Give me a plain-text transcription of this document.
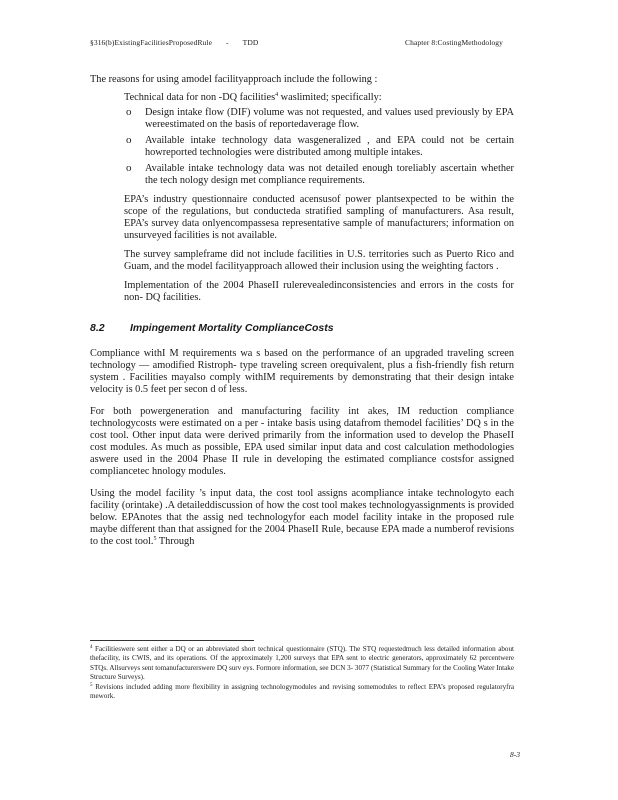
§316(b)ExistingFacilitiesProposedRule - TDD	Chapter 8:CostingMethodology

The reasons for using amodel facilityapproach include the following :

Technical data for non -DQ facilities$^4$ waslimited; specifically:
o Design intake flow (DIF) volume was not requested, and values used previously by EPA wereestimated on the basis of reportedaverage flow.
o Available intake technology data wasgeneralized , and EPA could not be certain howreported technologies were distributed among multiple intakes.
o Available intake technology data was not detailed enough toreliably ascertain whether the tech nology design met compliance requirements.
EPA’s industry questionnaire conducted acensusof power plantsexpected to be within the scope of the regulations, but conducteda stratified sampling of manufacturers. Asa result, EPA’s survey data onlyencompassesa representative sample of manufacturers; information on unsurveyed facilities is not available.
The survey sampleframe did not include facilities in U.S. territories such as Puerto Rico and Guam, and the model facilityapproach allowed their inclusion using the weighting factors .
Implementation of the 2004 PhaseII rulerevealedinconsistencies and errors in the costs for non- DQ facilities.
8.2 Impingement Mortality ComplianceCosts

Compliance withI M requirements wa s based on the performance of an upgraded traveling screen technology — amodified Ristroph- type traveling screen orequivalent, plus a fish-friendly fish return system . Facilities mayalso comply withIM requirements by demonstrating that their design intake velocity is 0.5 feet per secon d of less.

For both powergeneration and manufacturing facility int akes, IM reduction compliance technologycosts were estimated on a per - intake basis using datafrom themodel facilities’ DQ s in the cost tool. Other input data were derived primarily from the information used to develop the PhaseII cost modules. As much as possible, EPA used similar input data and cost calculation methodologies aswere used in the 2004 Phase II rule in developing the estimated compliance costsfor assigned compliancetec hnology modules.

Using the model facility ’s input data, the cost tool assigns acompliance intake technologyto each facility (orintake) .A detaileddiscussion of how the cost tool makes technologyassignments is provided below. EPAnotes that the assig ned technologyfor each model facility intake in the proposed rule maybe different than that assigned for the 2004 PhaseII Rule, because EPA made a numberof revisions to the cost tool.$^5$ Through

$^4$ Facilitieswere sent either a DQ or an abbreviated short technical questionnaire (STQ). The STQ requestedmuch less detailed information about thefacility, its CWIS, and its operations. Of the approximately 1,200 surveys that EPA sent to electric generators, approximately 62 percentwere STQs. Allsurveys sent tomanufacturerswere DQ surv eys. Formore information, see DCN 3- 3077 (Statistical Summary for the Cooling Water Intake Structure Surveys).

$^5$ Revisions included adding more flexibility in assigning technologymodules and revising somemodules to reflect EPA’s proposed regulatoryfra mework.

8-3
